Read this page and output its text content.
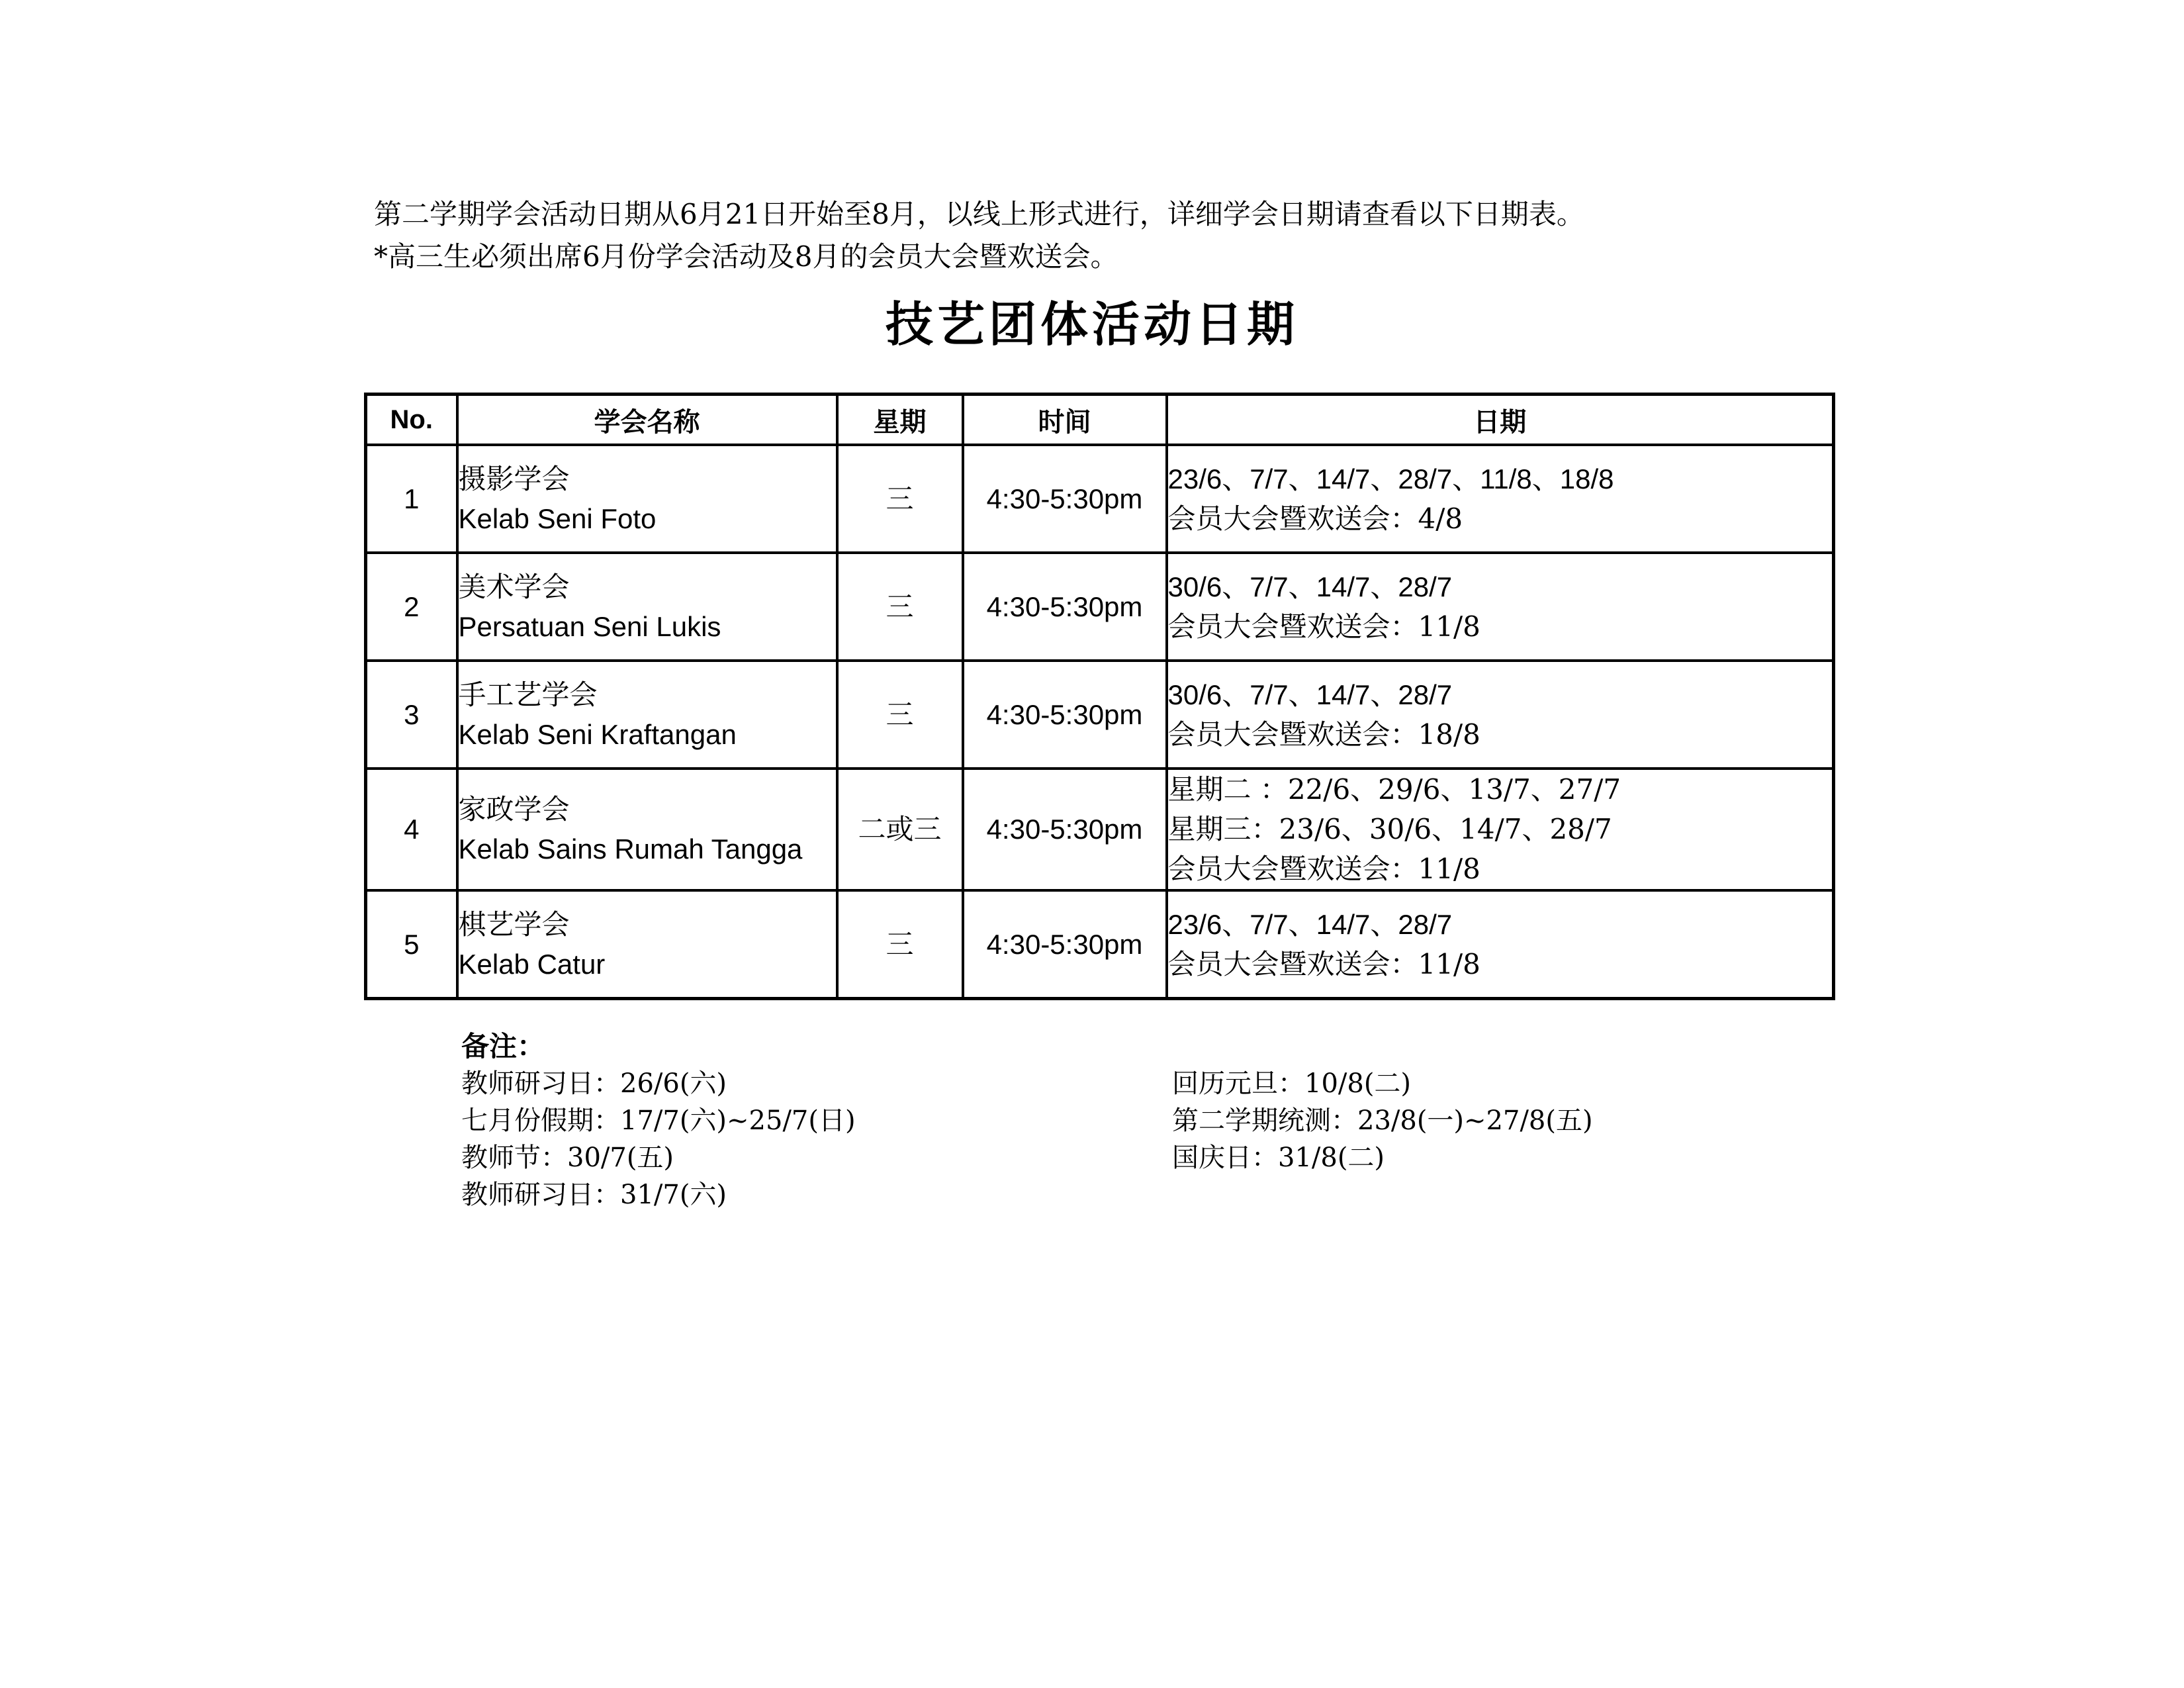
第二学期学会活动日期从6月21日开始至8月，以线上形式进行，详细学会日期请查看以下日期表。
*高三生必须出席6月份学会活动及8月的会员大会暨欢送会。
技艺团体活动日期
No.	学会名称	星期	时间	日期
1	摄影学会
Kelab Seni Foto	三	4:30-5:30pm	23/6、7/7、14/7、28/7、11/8、18/8
会员大会暨欢送会：4/8

2	美术学会
Persatuan Seni Lukis	三	4:30-5:30pm	30/6、7/7、14/7、28/7
会员大会暨欢送会：11/8

3	手工艺学会
Kelab Seni Kraftangan	三	4:30-5:30pm	30/6、7/7、14/7、28/7
会员大会暨欢送会：18/8

4	家政学会
Kelab Sains Rumah Tangga	二或三	4:30-5:30pm	星期二 ：22/6、29/6、13/7、27/7
星期三：23/6、30/6、14/7、28/7
会员大会暨欢送会：11/8

5	棋艺学会
Kelab Catur	三	4:30-5:30pm	23/6、7/7、14/7、28/7
会员大会暨欢送会：11/8
备注：
教师研习日：26/6(六)
七月份假期：17/7(六)~25/7(日)
教师节：30/7(五)
教师研习日：31/7(六)
回历元旦：10/8(二)
第二学期统测：23/8(一)~27/8(五)
国庆日：31/8(二)
